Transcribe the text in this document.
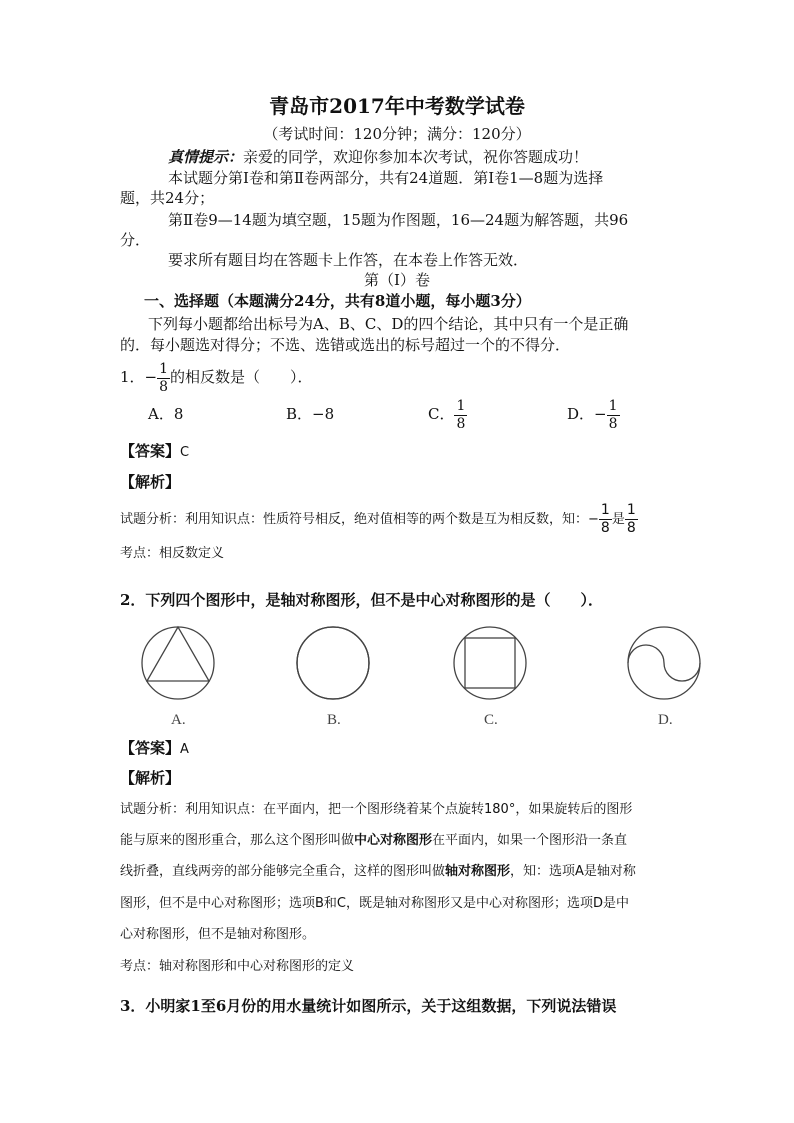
青岛市2017年中考数学试卷
（考试时间：120分钟；满分：120分）
真情提示：亲爱的同学，欢迎你参加本次考试，祝你答题成功！
本试题分第Ⅰ卷和第Ⅱ卷两部分，共有24道题．第Ⅰ卷1—8题为选择
题，共24分；
第Ⅱ卷9—14题为填空题，15题为作图题，16—24题为解答题，共96
分．
要求所有题目均在答题卡上作答，在本卷上作答无效．
第（Ⅰ）卷
一、选择题（本题满分24分，共有8道小题，每小题3分）
下列每小题都给出标号为A、B、C、D的四个结论，其中只有一个是正确
的．每小题选对得分；不选、选错或选出的标号超过一个的不得分．
1．− $\frac{1}{8}$ 的相反数是（　　）．
A．8	B．−8	C． $\frac{1}{8}$	D．− $\frac{1}{8}$
【答案】C
【解析】
试题分析：利用知识点：性质符号相反，绝对值相等的两个数是互为相反数，知：− $\frac{1}{8}$ 是 $\frac{1}{8}$
考点：相反数定义
2．下列四个图形中，是轴对称图形，但不是中心对称图形的是（　　）．
A.	B.	C.	D.
【答案】A
【解析】
试题分析：利用知识点：在平面内，把一个图形绕着某个点旋转180°，如果旋转后的图形
能与原来的图形重合，那么这个图形叫做中心对称图形在平面内，如果一个图形沿一条直
线折叠，直线两旁的部分能够完全重合，这样的图形叫做轴对称图形，知：选项A是轴对称
图形，但不是中心对称图形；选项B和C，既是轴对称图形又是中心对称图形；选项D是中
心对称图形，但不是轴对称图形。
考点：轴对称图形和中心对称图形的定义
3．小明家1至6月份的用水量统计如图所示，关于这组数据，下列说法错误
